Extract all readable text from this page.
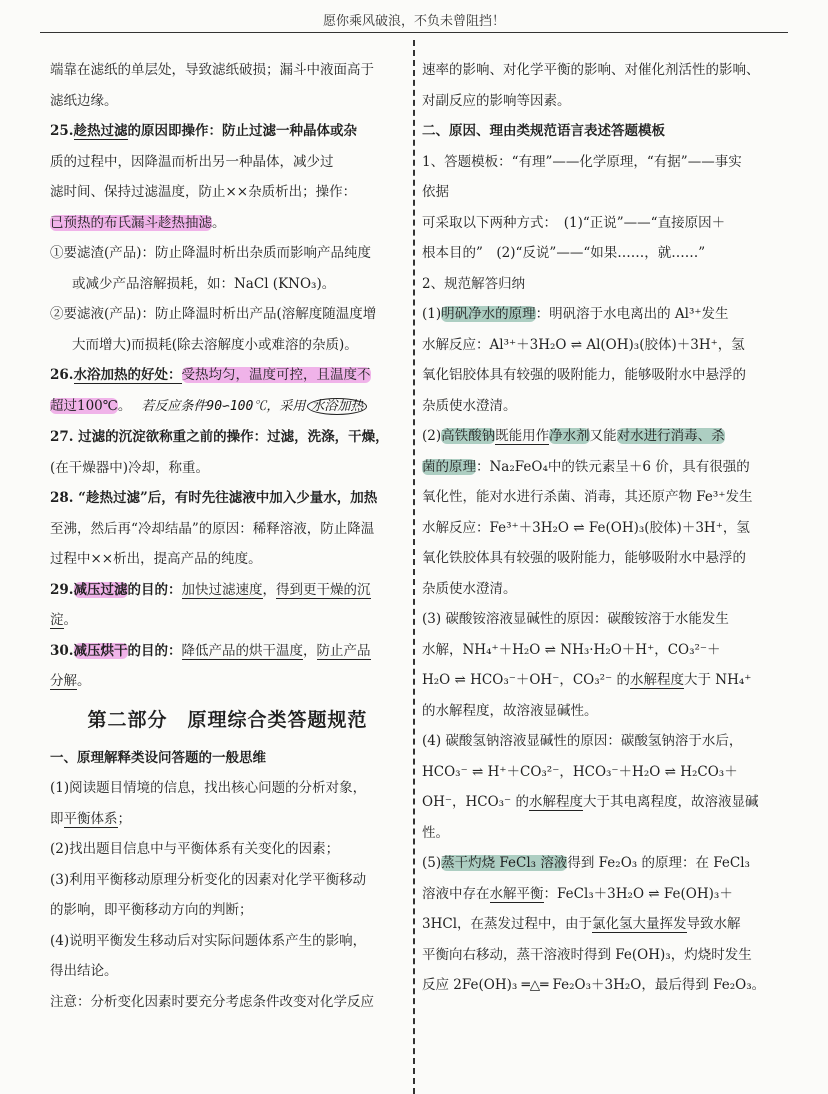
愿你乘风破浪，不负未曾阻挡！

端靠在滤纸的单层处，导致滤纸破损；漏斗中液面高于

滤纸边缘。

25.趁热过滤的原因即操作：防止过滤一种晶体或杂

质的过程中，因降温而析出另一种晶体，减少过

滤时间、保持过滤温度，防止××杂质析出；操作：

已预热的布氏漏斗趁热抽滤。

①要滤渣(产品)：防止降温时析出杂质而影响产品纯度

或减少产品溶解损耗，如：NaCl (KNO₃)。

②要滤液(产品)：防止降温时析出产品(溶解度随温度增

大而增大)而损耗(除去溶解度小或难溶的杂质)。

26.水浴加热的好处：受热均匀，温度可控，且温度不

超过100℃。 若反应条件90∽100℃，采用 水浴加热

27. 过滤的沉淀欲称重之前的操作：过滤，洗涤，干燥，

(在干燥器中)冷却，称重。

28. “趁热过滤”后，有时先往滤液中加入少量水，加热

至沸，然后再“冷却结晶”的原因：稀释溶液，防止降温

过程中××析出，提高产品的纯度。

29.减压过滤的目的：加快过滤速度，得到更干燥的沉

淀。

30.减压烘干的目的：降低产品的烘干温度，防止产品

分解。

第二部分　原理综合类答题规范

一、原理解释类设问答题的一般思维

(1)阅读题目情境的信息，找出核心问题的分析对象，

即平衡体系；

(2)找出题目信息中与平衡体系有关变化的因素；

(3)利用平衡移动原理分析变化的因素对化学平衡移动

的影响，即平衡移动方向的判断；

(4)说明平衡发生移动后对实际问题体系产生的影响，

得出结论。

注意：分析变化因素时要充分考虑条件改变对化学反应

速率的影响、对化学平衡的影响、对催化剂活性的影响、

对副反应的影响等因素。

二、原因、理由类规范语言表述答题模板

1、答题模板：“有理”——化学原理，“有据”——事实

依据

可采取以下两种方式：　(1)“正说”——“直接原因＋

根本目的”　(2)“反说”——“如果……，就……”

2、规范解答归纳

(1)明矾净水的原理：明矾溶于水电离出的 Al³⁺发生

水解反应：Al³⁺＋3H₂O ⇌ Al(OH)₃(胶体)＋3H⁺，氢

氧化铝胶体具有较强的吸附能力，能够吸附水中悬浮的

杂质使水澄清。

(2)高铁酸钠既能用作净水剂又能对水进行消毒、杀

菌的原理：Na₂FeO₄中的铁元素呈＋6 价，具有很强的

氧化性，能对水进行杀菌、消毒，其还原产物 Fe³⁺发生

水解反应：Fe³⁺＋3H₂O ⇌ Fe(OH)₃(胶体)＋3H⁺，氢

氧化铁胶体具有较强的吸附能力，能够吸附水中悬浮的

杂质使水澄清。

(3) 碳酸铵溶液显碱性的原因：碳酸铵溶于水能发生

水解，NH₄⁺＋H₂O ⇌ NH₃·H₂O＋H⁺，CO₃²⁻＋

H₂O ⇌ HCO₃⁻＋OH⁻，CO₃²⁻ 的水解程度大于 NH₄⁺

的水解程度，故溶液显碱性。

(4) 碳酸氢钠溶液显碱性的原因：碳酸氢钠溶于水后，

HCO₃⁻ ⇌ H⁺＋CO₃²⁻，HCO₃⁻＋H₂O ⇌ H₂CO₃＋

OH⁻，HCO₃⁻ 的水解程度大于其电离程度，故溶液显碱

性。

(5)蒸干灼烧 FeCl₃ 溶液得到 Fe₂O₃ 的原理：在 FeCl₃

溶液中存在水解平衡：FeCl₃＋3H₂O ⇌ Fe(OH)₃＋

3HCl，在蒸发过程中，由于氯化氢大量挥发导致水解

平衡向右移动，蒸干溶液时得到 Fe(OH)₃，灼烧时发生

反应 2Fe(OH)₃ ═△═ Fe₂O₃＋3H₂O，最后得到 Fe₂O₃。
